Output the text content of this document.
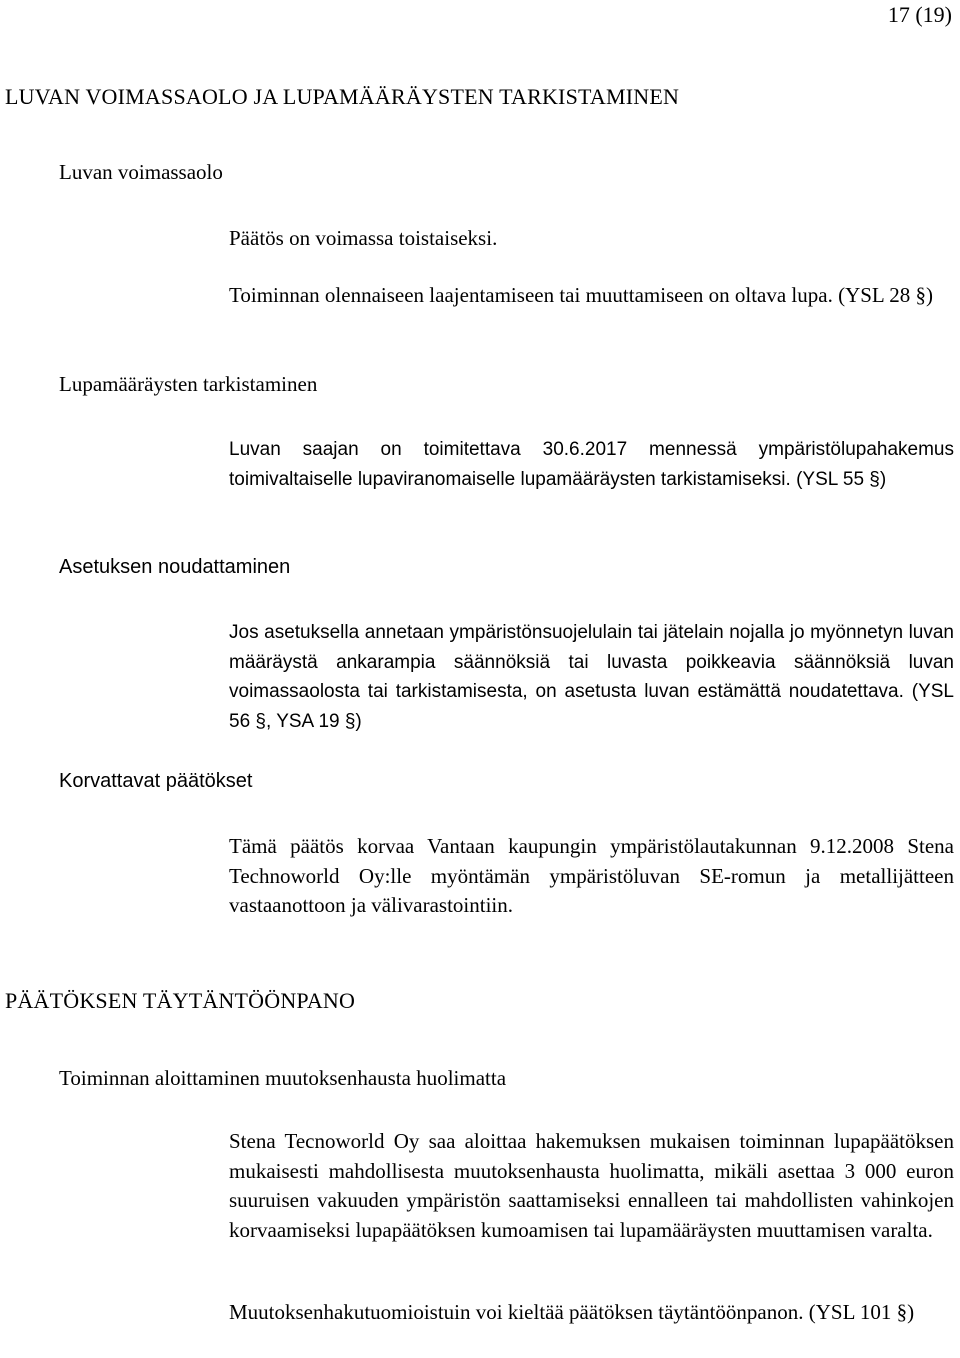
17 (19)
LUVAN VOIMASSAOLO JA LUPAMÄÄRÄYSTEN TARKISTAMINEN
Luvan voimassaolo

Päätös on voimassa toistaiseksi.

Toiminnan olennaiseen laajentamiseen tai muuttamiseen on oltava lupa. (YSL 28 §)

Lupamääräysten tarkistaminen

Luvan saajan on toimitettava 30.6.2017 mennessä ympäristölupahakemus toimivaltaiselle lupaviranomaiselle lupamääräysten tarkistamiseksi. (YSL 55 §)

Asetuksen noudattaminen

Jos asetuksella annetaan ympäristönsuojelulain tai jätelain nojalla jo myönnetyn luvan määräystä ankarampia säännöksiä tai luvasta poikkeavia säännöksiä luvan voimassaolosta tai tarkistamisesta, on asetusta luvan estämättä noudatettava. (YSL 56 §, YSA 19 §)

Korvattavat päätökset

Tämä päätös korvaa Vantaan kaupungin ympäristölautakunnan 9.12.2008 Stena Technoworld Oy:lle myöntämän ympäristöluvan SE-romun ja metallijätteen vastaanottoon ja välivarastointiin.

PÄÄTÖKSEN TÄYTÄNTÖÖNPANO
Toiminnan aloittaminen muutoksenhausta huolimatta

Stena Tecnoworld Oy saa aloittaa hakemuksen mukaisen toiminnan lupapäätöksen mukaisesti mahdollisesta muutoksenhausta huolimatta, mikäli asettaa 3 000 euron suuruisen vakuuden ympäristön saattamiseksi ennalleen tai mahdollisten vahinkojen korvaamiseksi lupapäätöksen kumoamisen tai lupamääräysten muuttamisen varalta.

Muutoksenhakutuomioistuin voi kieltää päätöksen täytäntöönpanon. (YSL 101 §)
